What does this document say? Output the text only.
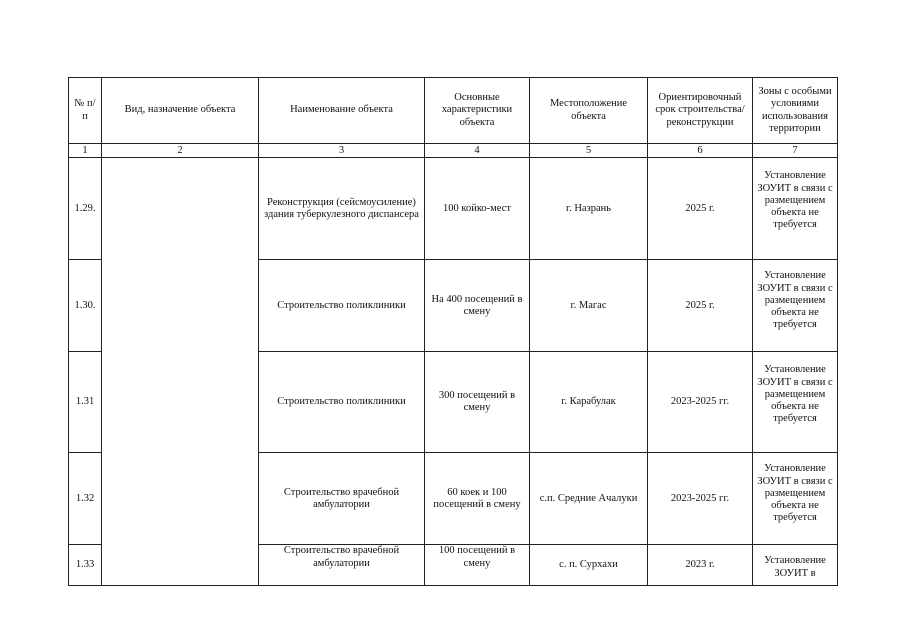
№ п/п	Вид, назначение объекта	Наименование объекта	Основные характеристики объекта	Местоположение объекта	Ориентировочный срок строительства/ реконструкции	Зоны с особыми условиями использования территории
1	2	3	4	5	6	7
1.29.		Реконструкция (сейсмоусиление) здания туберкулезного диспансера	100 койко-мест	г. Назрань	2025 г.	Установление ЗОУИТ в связи с размещением объекта не требуется
1.30.		Строительство поликлиники	На 400 посещений в смену	г. Магас	2025 г.	Установление ЗОУИТ в связи с размещением объекта не требуется
1.31		Строительство поликлиники	300 посещений в смену	г. Карабулак	2023-2025 гг.	Установление ЗОУИТ в связи с размещением объекта не требуется
1.32		Строительство врачебной амбулатории	60 коек и 100 посещений в смену	с.п. Средние Ачалуки	2023-2025 гг.	Установление ЗОУИТ в связи с размещением объекта не требуется
1.33		Строительство врачебной амбулатории	100 посещений в смену	с. п. Сурхахи	2023 г.	Установление ЗОУИТ в
